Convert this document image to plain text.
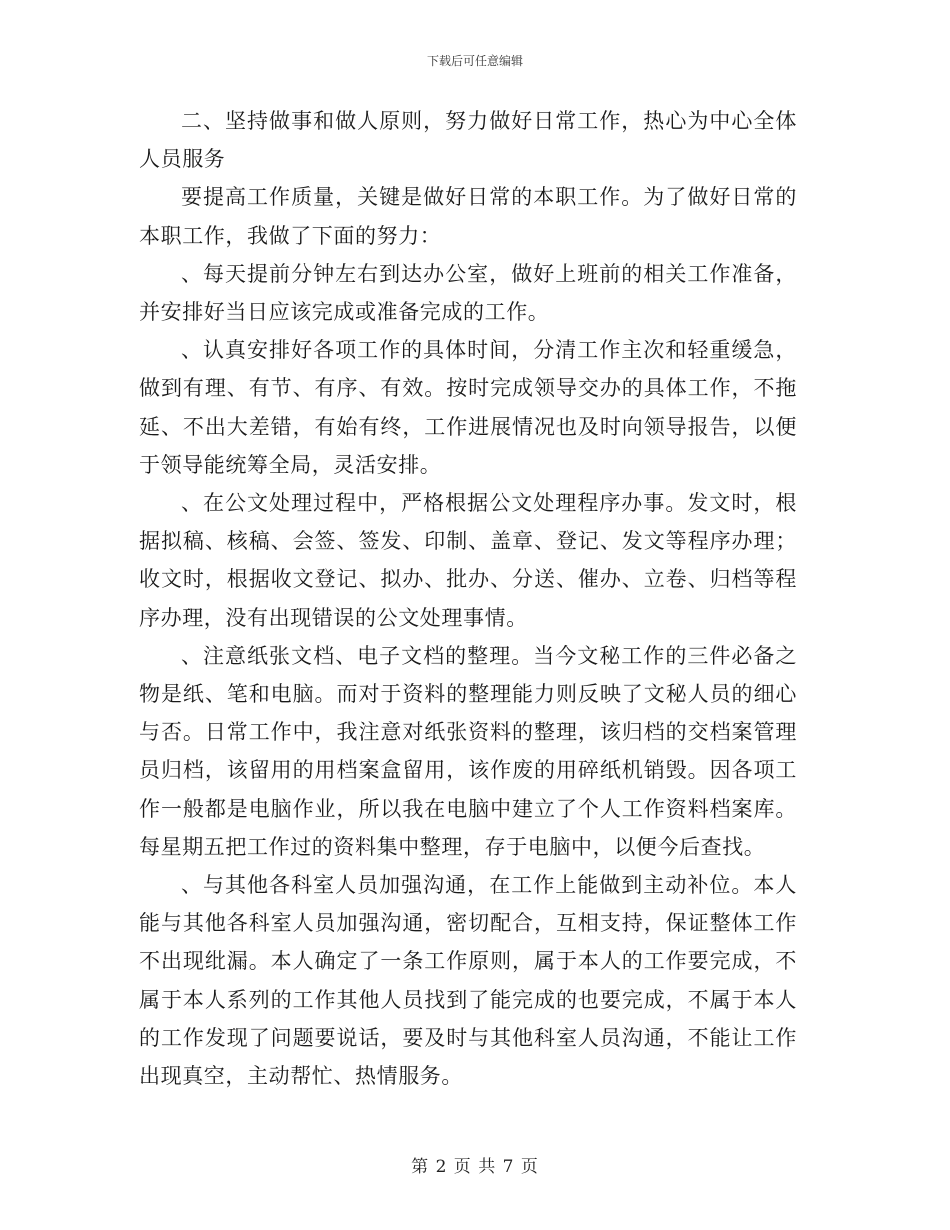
下载后可任意编辑

二、坚持做事和做人原则，努力做好日常工作，热心为中心全体人员服务

要提高工作质量，关键是做好日常的本职工作。为了做好日常的本职工作，我做了下面的努力：

、每天提前分钟左右到达办公室，做好上班前的相关工作准备，并安排好当日应该完成或准备完成的工作。

、认真安排好各项工作的具体时间，分清工作主次和轻重缓急，做到有理、有节、有序、有效。按时完成领导交办的具体工作，不拖延、不出大差错，有始有终，工作进展情况也及时向领导报告，以便于领导能统筹全局，灵活安排。

、在公文处理过程中，严格根据公文处理程序办事。发文时，根据拟稿、核稿、会签、签发、印制、盖章、登记、发文等程序办理；收文时，根据收文登记、拟办、批办、分送、催办、立卷、归档等程序办理，没有出现错误的公文处理事情。

、注意纸张文档、电子文档的整理。当今文秘工作的三件必备之物是纸、笔和电脑。而对于资料的整理能力则反映了文秘人员的细心与否。日常工作中，我注意对纸张资料的整理，该归档的交档案管理员归档，该留用的用档案盒留用，该作废的用碎纸机销毁。因各项工作一般都是电脑作业，所以我在电脑中建立了个人工作资料档案库。每星期五把工作过的资料集中整理，存于电脑中，以便今后查找。

、与其他各科室人员加强沟通，在工作上能做到主动补位。本人能与其他各科室人员加强沟通，密切配合，互相支持，保证整体工作不出现纰漏。本人确定了一条工作原则，属于本人的工作要完成，不属于本人系列的工作其他人员找到了能完成的也要完成，不属于本人的工作发现了问题要说话，要及时与其他科室人员沟通，不能让工作出现真空，主动帮忙、热情服务。

第 2 页 共 7 页
